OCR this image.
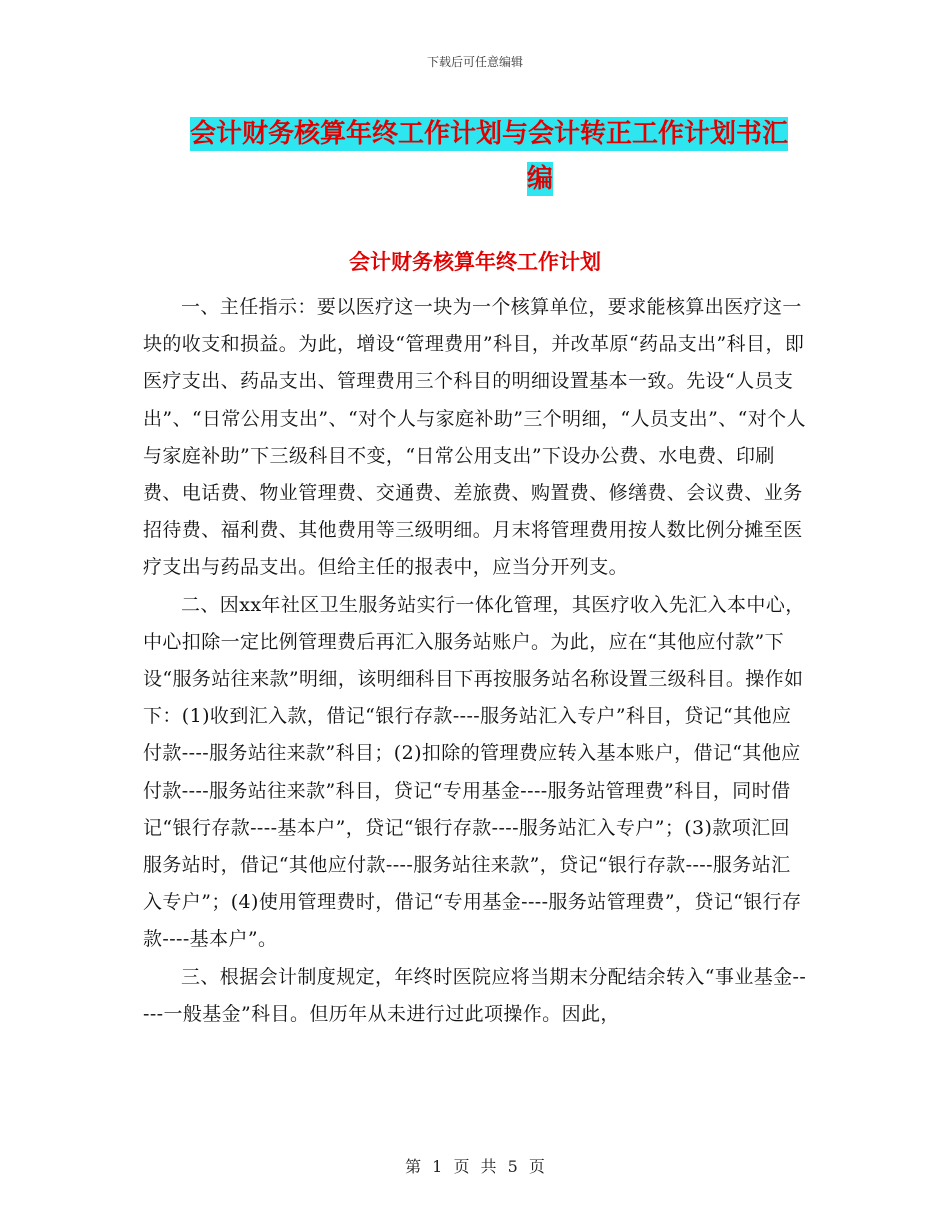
下载后可任意编辑
会计财务核算年终工作计划与会计转正工作计划书汇
编
会计财务核算年终工作计划

一、主任指示：要以医疗这一块为一个核算单位，要求能核算出医疗这一块的收支和损益。为此，增设“管理费用”科目，并改革原“药品支出”科目，即医疗支出、药品支出、管理费用三个科目的明细设置基本一致。先设“人员支出”、“日常公用支出”、“对个人与家庭补助”三个明细，“人员支出”、“对个人与家庭补助”下三级科目不变，“日常公用支出”下设办公费、水电费、印刷费、电话费、物业管理费、交通费、差旅费、购置费、修缮费、会议费、业务招待费、福利费、其他费用等三级明细。月末将管理费用按人数比例分摊至医疗支出与药品支出。但给主任的报表中，应当分开列支。

二、因xx年社区卫生服务站实行一体化管理，其医疗收入先汇入本中心，中心扣除一定比例管理费后再汇入服务站账户。为此，应在“其他应付款”下设“服务站往来款”明细，该明细科目下再按服务站名称设置三级科目。操作如下：(1)收到汇入款，借记“银行存款----服务站汇入专户”科目，贷记“其他应付款----服务站往来款”科目；(2)扣除的管理费应转入基本账户，借记“其他应付款----服务站往来款”科目，贷记“专用基金----服务站管理费”科目，同时借记“银行存款----基本户”，贷记“银行存款----服务站汇入专户”；(3)款项汇回服务站时，借记“其他应付款----服务站往来款”，贷记“银行存款----服务站汇入专户”；(4)使用管理费时，借记“专用基金----服务站管理费”，贷记“银行存款----基本户”。

三、根据会计制度规定，年终时医院应将当期末分配结余转入“事业基金-----一般基金”科目。但历年从未进行过此项操作。因此，

第 1 页 共 5 页
